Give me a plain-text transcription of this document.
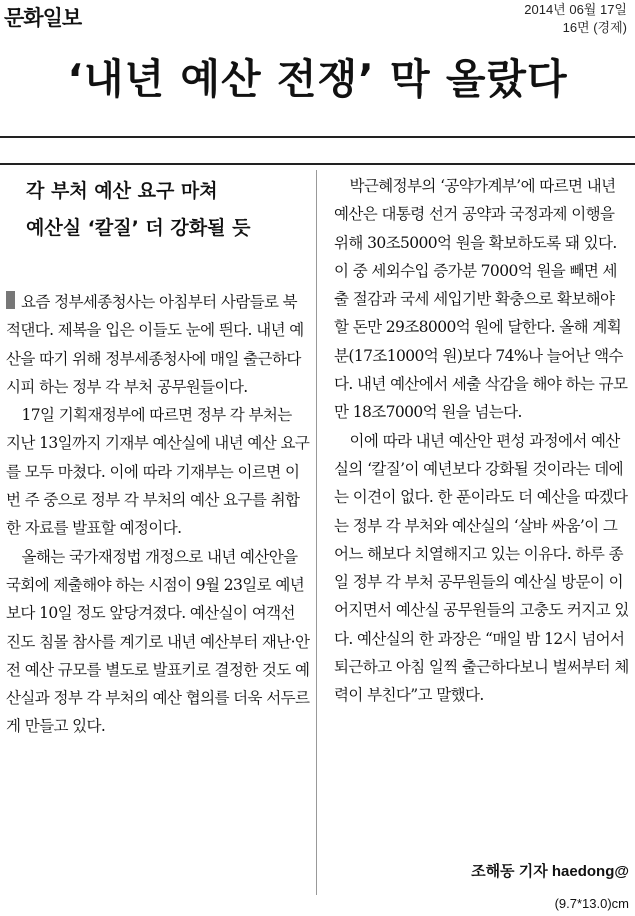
문화일보	2014년 06월 17일
16면 (경제)
‘내년 예산 전쟁’ 막 올랐다
각 부처 예산 요구 마쳐
예산실 ‘칼질’ 더 강화될 듯

요즘 정부세종청사는 아침부터 사람들로 북적댄다. 제복을 입은 이들도 눈에 띈다. 내년 예산을 따기 위해 정부세종청사에 매일 출근하다시피 하는 정부 각 부처 공무원들이다.

17일 기획재정부에 따르면 정부 각 부처는 지난 13일까지 기재부 예산실에 내년 예산 요구를 모두 마쳤다. 이에 따라 기재부는 이르면 이번 주 중으로 정부 각 부처의 예산 요구를 취합한 자료를 발표할 예정이다.

올해는 국가재정법 개정으로 내년 예산안을 국회에 제출해야 하는 시점이 9월 23일로 예년보다 10일 정도 앞당겨졌다. 예산실이 여객선 진도 침몰 참사를 계기로 내년 예산부터 재난·안전 예산 규모를 별도로 발표키로 결정한 것도 예산실과 정부 각 부처의 예산 협의를 더욱 서두르게 만들고 있다.

박근혜정부의 ‘공약가계부’에 따르면 내년 예산은 대통령 선거 공약과 국정과제 이행을 위해 30조5000억 원을 확보하도록 돼 있다. 이 중 세외수입 증가분 7000억 원을 빼면 세출 절감과 국세 세입기반 확충으로 확보해야 할 돈만 29조8000억 원에 달한다. 올해 계획분(17조1000억 원)보다 74%나 늘어난 액수다. 내년 예산에서 세출 삭감을 해야 하는 규모만 18조7000억 원을 넘는다.

이에 따라 내년 예산안 편성 과정에서 예산실의 ‘칼질’이 예년보다 강화될 것이라는 데에는 이견이 없다. 한 푼이라도 더 예산을 따겠다는 정부 각 부처와 예산실의 ‘살바 싸움’이 그 어느 해보다 치열해지고 있는 이유다. 하루 종일 정부 각 부처 공무원들의 예산실 방문이 이어지면서 예산실 공무원들의 고충도 커지고 있다. 예산실의 한 과장은 “매일 밤 12시 넘어서 퇴근하고 아침 일찍 출근하다보니 벌써부터 체력이 부친다”고 말했다.

조해동 기자 haedong@
(9.7*13.0)cm
